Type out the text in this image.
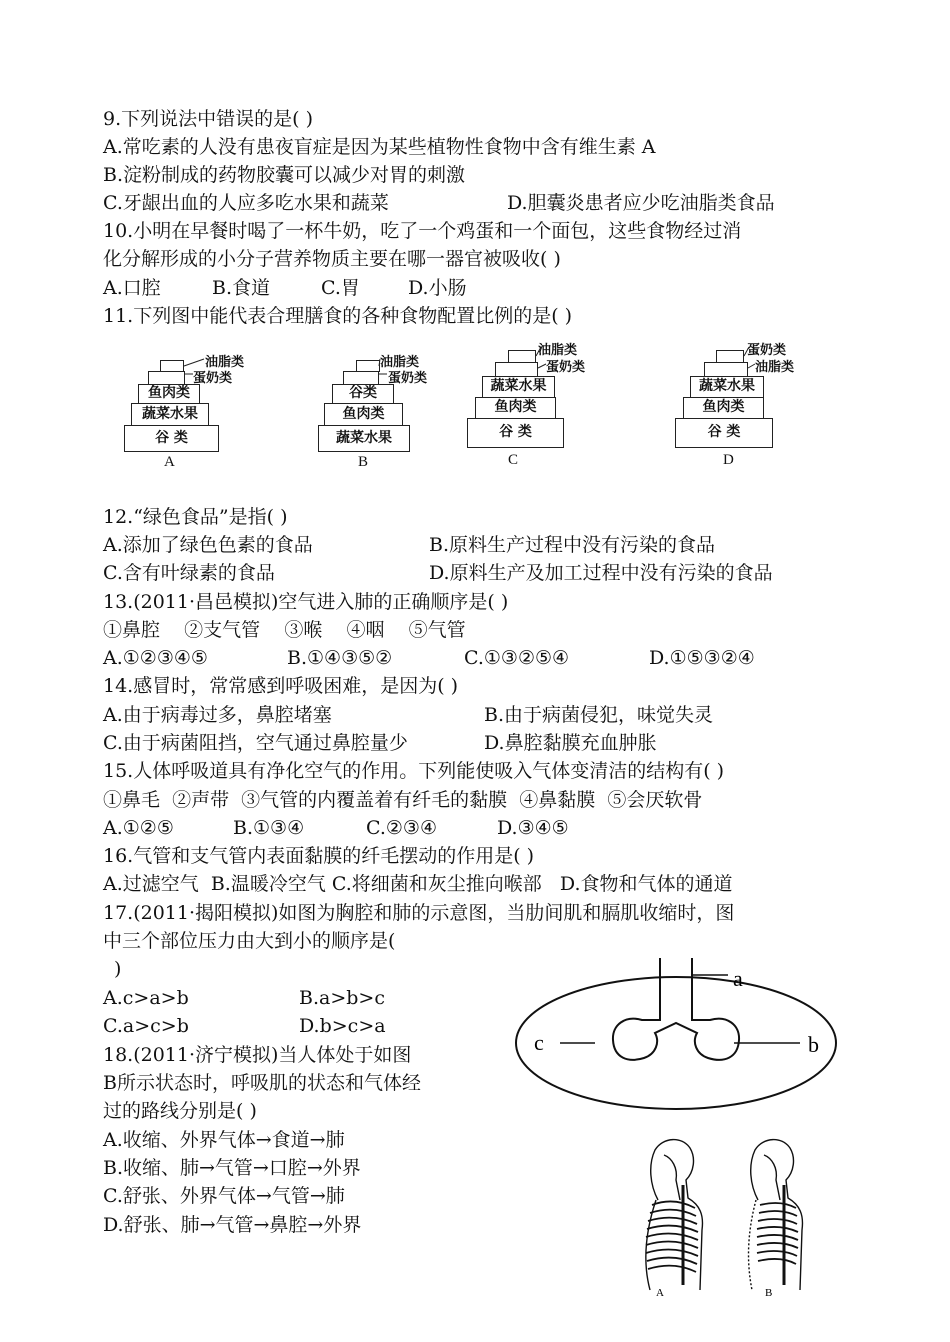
9.下列说法中错误的是( )
A.常吃素的人没有患夜盲症是因为某些植物性食物中含有维生素 A
B.淀粉制成的药物胶囊可以减少对胃的刺激
C.牙龈出血的人应多吃水果和蔬菜	D.胆囊炎患者应少吃油脂类食品
10.小明在早餐时喝了一杯牛奶，吃了一个鸡蛋和一个面包，这些食物经过消
化分解形成的小分子营养物质主要在哪一器官被吸收( )
A.口腔	B.食道	C.胃	D.小肠
11.下列图中能代表合理膳食的各种食物配置比例的是( )
谷 类
蔬菜水果
鱼肉类
油脂类
蛋奶类
A
蔬菜水果
鱼肉类
谷类
油脂类
蛋奶类
B
谷 类
鱼肉类
蔬菜水果
油脂类
蛋奶类
C
谷 类
鱼肉类
蔬菜水果
蛋奶类
油脂类
D
12.“绿色食品”是指( )
A.添加了绿色色素的食品	B.原料生产过程中没有污染的食品
C.含有叶绿素的食品	D.原料生产及加工过程中没有污染的食品
13.(2011·昌邑模拟)空气进入肺的正确顺序是( )
①鼻腔    ②支气管    ③喉    ④咽    ⑤气管
A.①②③④⑤	B.①④③⑤②	C.①③②⑤④	D.①⑤③②④
14.感冒时，常常感到呼吸困难，是因为( )
A.由于病毒过多，鼻腔堵塞	B.由于病菌侵犯，味觉失灵
C.由于病菌阻挡，空气通过鼻腔量少	D.鼻腔黏膜充血肿胀
15.人体呼吸道具有净化空气的作用。下列能使吸入气体变清洁的结构有( )
①鼻毛  ②声带  ③气管的内覆盖着有纤毛的黏膜  ④鼻黏膜  ⑤会厌软骨
A.①②⑤	B.①③④	C.②③④	D.③④⑤
16.气管和支气管内表面黏膜的纤毛摆动的作用是( )
A.过滤空气  B.温暖冷空气 C.将细菌和灰尘推向喉部   D.食物和气体的通道
17.(2011·揭阳模拟)如图为胸腔和肺的示意图，当肋间肌和膈肌收缩时，图
中三个部位压力由大到小的顺序是(
)
A.c>a>b	B.a>b>c
C.a>c>b	D.b>c>a
a
c	b
18.(2011·济宁模拟)当人体处于如图
B所示状态时，呼吸肌的状态和气体经
过的路线分别是( )
A.收缩、外界气体→食道→肺
B.收缩、肺→气管→口腔→外界
C.舒张、外界气体→气管→肺
D.舒张、肺→气管→鼻腔→外界
A	B
